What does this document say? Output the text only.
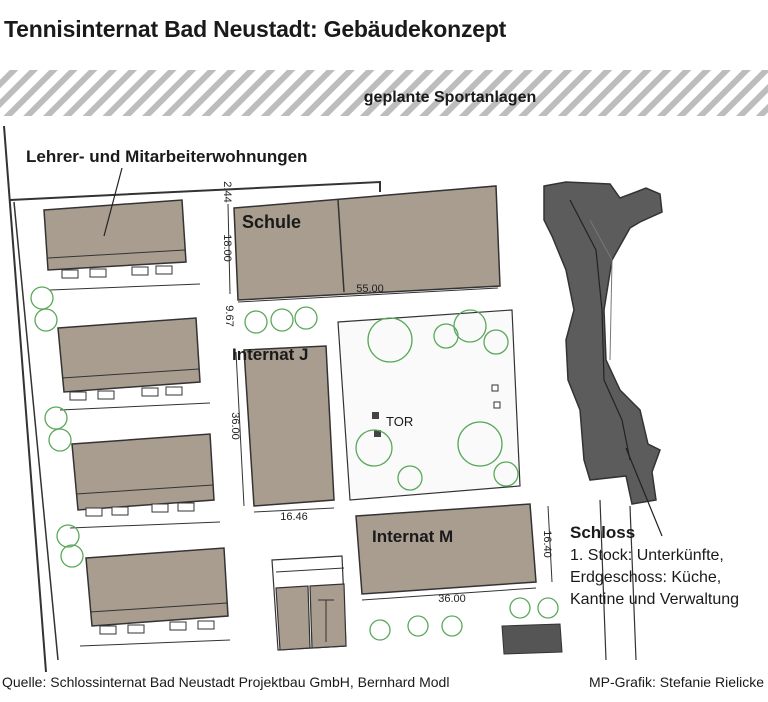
Tennisinternat Bad Neustadt: Gebäudekonzept
geplante Sportanlagen
Schule
Internat J
TOR
Internat M
2.44
18.00
55.00
9.67
36.00
16.46
16.40
36.00
Lehrer- und Mitarbeiterwohnungen
Schloss
1. Stock: Unterkünfte,
Erdgeschoss: Küche,
Kantine und Verwaltung
Quelle: Schlossinternat Bad Neustadt Projektbau GmbH, Bernhard Modl	MP-Grafik: Stefanie Rielicke
